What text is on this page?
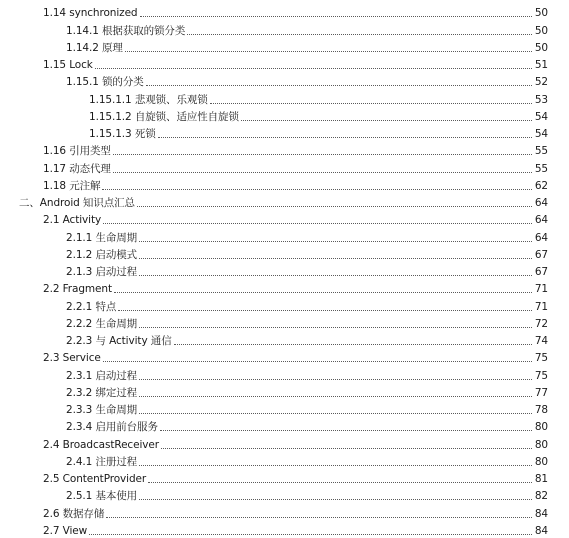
1.14 synchronized	50
1.14.1 根据获取的锁分类	50
1.14.2 原理	50
1.15 Lock	51
1.15.1 锁的分类	52
1.15.1.1 悲观锁、乐观锁	53
1.15.1.2 自旋锁、适应性自旋锁	54
1.15.1.3 死锁	54
1.16 引用类型	55
1.17 动态代理	55
1.18 元注解	62
二、Android 知识点汇总	64
2.1 Activity	64
2.1.1 生命周期	64
2.1.2 启动模式	67
2.1.3 启动过程	67
2.2 Fragment	71
2.2.1 特点	71
2.2.2 生命周期	72
2.2.3 与 Activity 通信	74
2.3 Service	75
2.3.1 启动过程	75
2.3.2 绑定过程	77
2.3.3 生命周期	78
2.3.4 启用前台服务	80
2.4 BroadcastReceiver	80
2.4.1 注册过程	80
2.5 ContentProvider	81
2.5.1 基本使用	82
2.6 数据存储	84
2.7 View	84
